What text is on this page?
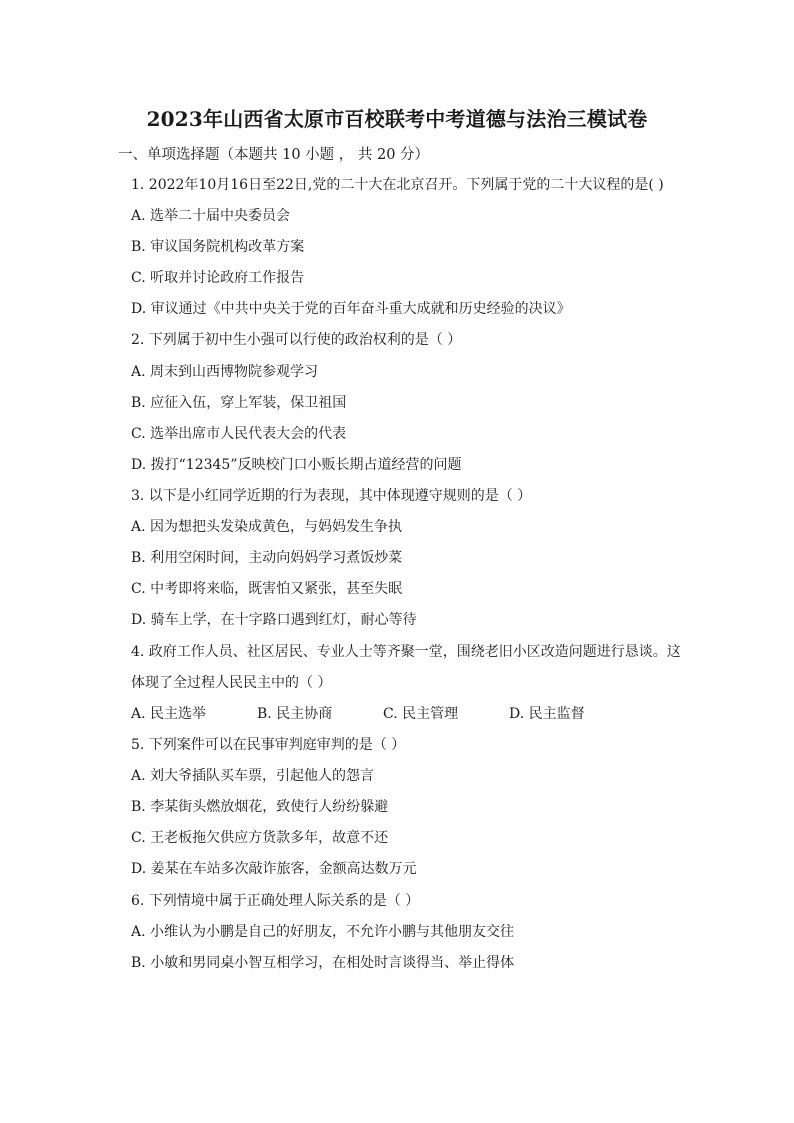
2023年山西省太原市百校联考中考道德与法治三模试卷
一、单项选择题（本题共 10 小题 ， 共 20 分）
1. 2022年10月16日至22日,党的二十大在北京召开。下列属于党的二十大议程的是( )
A. 选举二十届中央委员会
B. 审议国务院机构改革方案
C. 听取并讨论政府工作报告
D. 审议通过《中共中央关于党的百年奋斗重大成就和历史经验的决议》
2. 下列属于初中生小强可以行使的政治权利的是（ ）
A. 周末到山西博物院参观学习
B. 应征入伍，穿上军装，保卫祖国
C. 选举出席市人民代表大会的代表
D. 拨打“12345”反映校门口小贩长期占道经营的问题
3. 以下是小红同学近期的行为表现，其中体现遵守规则的是（ ）
A. 因为想把头发染成黄色，与妈妈发生争执
B. 利用空闲时间，主动向妈妈学习煮饭炒菜
C. 中考即将来临，既害怕又紧张，甚至失眠
D. 骑车上学，在十字路口遇到红灯，耐心等待
4. 政府工作人员、社区居民、专业人士等齐聚一堂，围绕老旧小区改造问题进行恳谈。这
体现了全过程人民民主中的（ ）
A. 民主选举	B. 民主协商	C. 民主管理	D. 民主监督
5. 下列案件可以在民事审判庭审判的是（ ）
A. 刘大爷插队买车票，引起他人的怨言
B. 李某街头燃放烟花，致使行人纷纷躲避
C. 王老板拖欠供应方货款多年，故意不还
D. 姜某在车站多次敲诈旅客，金额高达数万元
6. 下列情境中属于正确处理人际关系的是（ ）
A. 小维认为小鹏是自己的好朋友，不允许小鹏与其他朋友交往
B. 小敏和男同桌小智互相学习，在相处时言谈得当、举止得体
